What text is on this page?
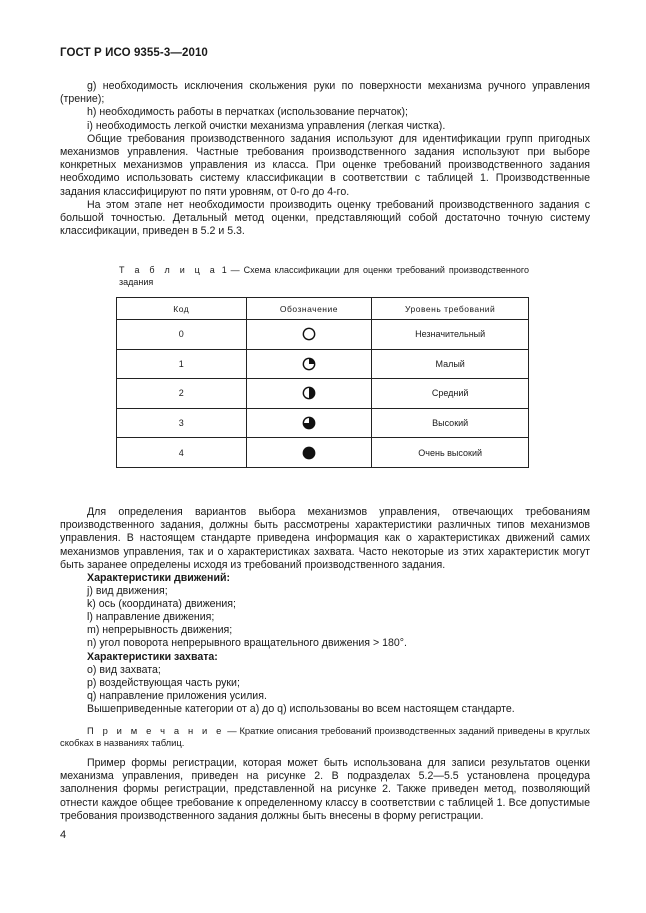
ГОСТ Р ИСО 9355-3—2010

g) необходимость исключения скольжения руки по поверхности механизма ручного управления (трение);

h) необходимость работы в перчатках (использование перчаток);

i) необходимость легкой очистки механизма управления (легкая чистка).

Общие требования производственного задания используют для идентификации групп пригодных механизмов управления. Частные требования производственного задания используют при выборе конкретных механизмов управления из класса. При оценке требований производственного задания необходимо использовать систему классификации в соответствии с таблицей 1. Производственные задания классифицируют по пяти уровням, от 0-го до 4-го.

На этом этапе нет необходимости производить оценку требований производственного задания с большой точностью. Детальный метод оценки, представляющий собой достаточно точную систему классификации, приведен в 5.2 и 5.3.

Т а б л и ц а 1 — Схема классификации для оценки требований производственного задания
Код	Обозначение	Уровень требований
0		Незначительный
1		Малый
2		Средний
3		Высокий
4		Очень высокий

Для определения вариантов выбора механизмов управления, отвечающих требованиям производственного задания, должны быть рассмотрены характеристики различных типов механизмов управления. В настоящем стандарте приведена информация как о характеристиках движений самих механизмов управления, так и о характеристиках захвата. Часто некоторые из этих характеристик могут быть заранее определены исходя из требований производственного задания.

Характеристики движений:
j) вид движения;
k) ось (координата) движения;
l) направление движения;
m) непрерывность движения;
n) угол поворота непрерывного вращательного движения > 180°.
Характеристики захвата:
o) вид захвата;
p) воздействующая часть руки;
q) направление приложения усилия.
Вышеприведенные категории от a) до q) использованы во всем настоящем стандарте.
П р и м е ч а н и е — Краткие описания требований производственных заданий приведены в круглых скобках в названиях таблиц.

Пример формы регистрации, которая может быть использована для записи результатов оценки механизма управления, приведен на рисунке 2. В подразделах 5.2—5.5 установлена процедура заполнения формы регистрации, представленной на рисунке 2. Также приведен метод, позволяющий отнести каждое общее требование к определенному классу в соответствии с таблицей 1. Все допустимые требования производственного задания должны быть внесены в форму регистрации.

4
